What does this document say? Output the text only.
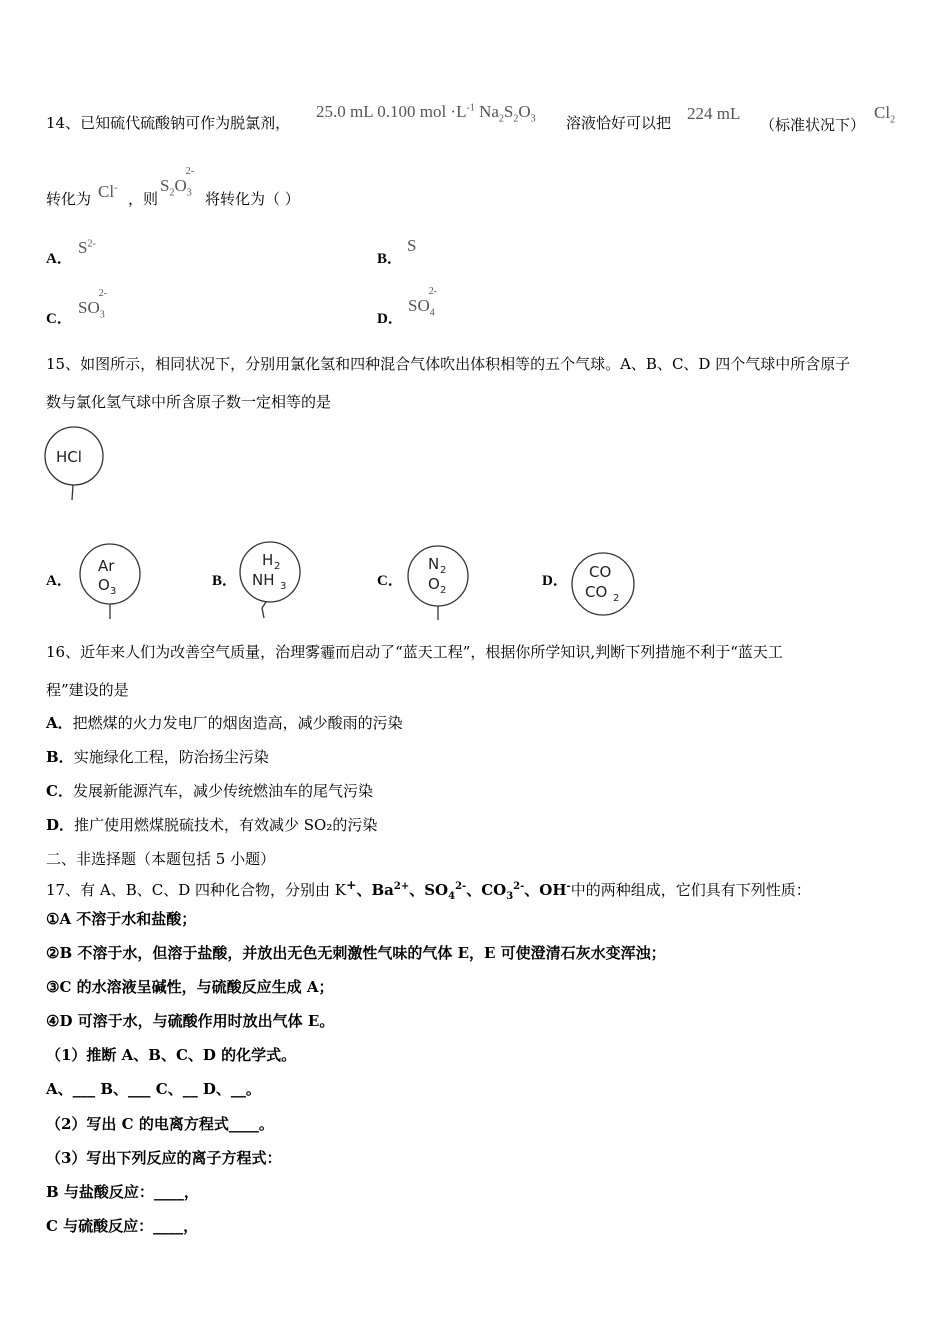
14、已知硫代硫酸钠可作为脱氯剂，
25.0 mL 0.100 mol $\cdot L^{-1}$ $Na_2S_2O_3$ 溶液恰好可以把 224 mL
（标准状况下）
$Cl_2$
转化为 Cl-
，则
$S_2O_3^{2-}$
将转化为（ ）
A．
$S^{2-}$
B．
S
C．
$SO_3^{2-}$
D．
$SO_4^{2-}$
15、如图所示，相同状况下，分别用氯化氢和四种混合气体吹出体积相等的五个气球。A、B、C、D 四个气球中所含原子
数与氯化氢气球中所含原子数一定相等的是
HCl
A．
Ar
O 3
B．
H 2
NH 3	C．
N 2
O 2
D． CO
CO 2
16、近年来人们为改善空气质量，治理雾霾而启动了“蓝天工程”，根据你所学知识,判断下列措施不利于“蓝天工
程”建设的是
A．把燃煤的火力发电厂的烟囱造高，减少酸雨的污染
B．实施绿化工程，防治扬尘污染
C．发展新能源汽车，减少传统燃油车的尾气污染
D．推广使用燃煤脱硫技术，有效减少 SO₂的污染
二、非选择题（本题包括 5 小题）
17、有 A、B、C、D 四种化合物，分别由 K+、$Ba^{2+}$、$SO_4^{2-}$、$CO_3^{2-}$、OH-中的两种组成，它们具有下列性质：
①A 不溶于水和盐酸；
②B 不溶于水，但溶于盐酸，并放出无色无刺激性气味的气体 E，E 可使澄清石灰水变浑浊；
③C 的水溶液呈碱性，与硫酸反应生成 A；
④D 可溶于水，与硫酸作用时放出气体 E。
（1）推断 A、B、C、D 的化学式。
A、___ B、___ C、__ D、__。
（2）写出 C 的电离方程式____。
（3）写出下列反应的离子方程式：
B 与盐酸反应：____，
C 与硫酸反应：____，
